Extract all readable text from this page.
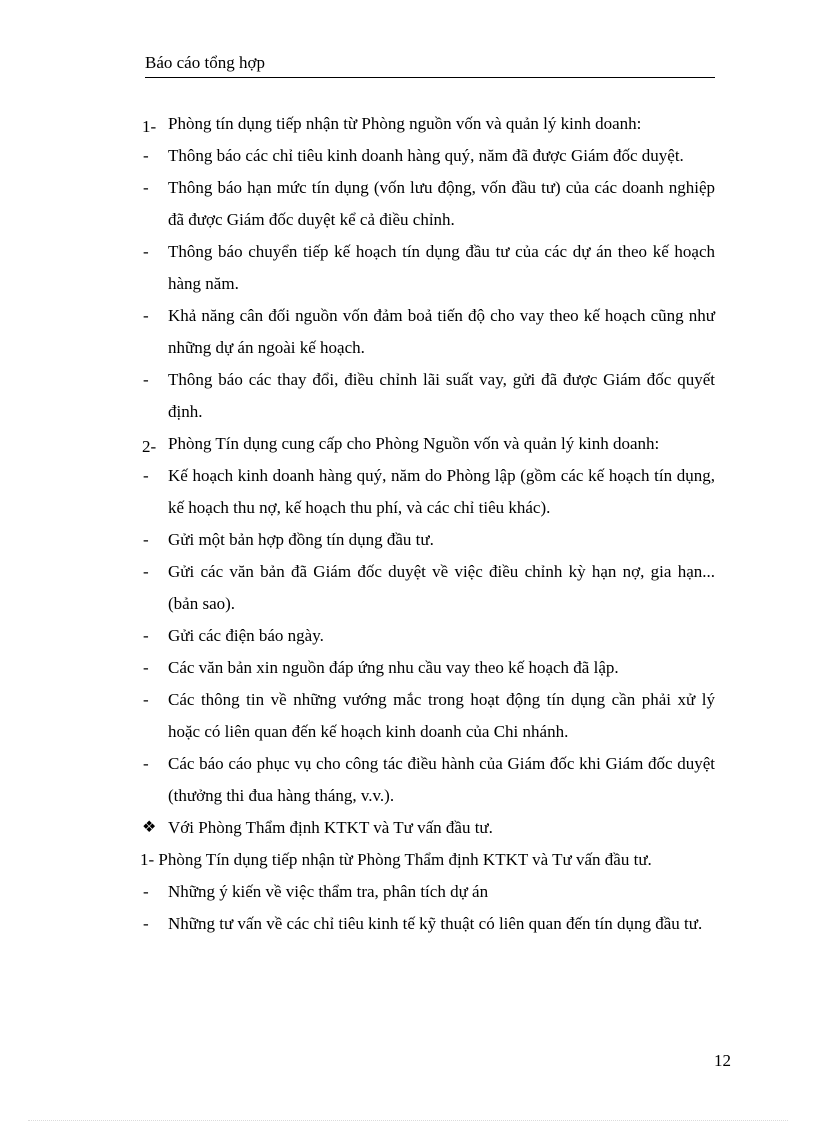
Báo cáo tổng hợp
1- Phòng tín dụng tiếp nhận từ Phòng nguồn vốn và quản lý kinh doanh:
- Thông báo các chỉ tiêu kinh doanh hàng quý, năm đã được Giám đốc duyệt.
- Thông báo hạn mức tín dụng (vốn lưu động, vốn đầu tư) của các doanh nghiệp đã được Giám đốc duyệt kể cả điều chỉnh.
- Thông báo chuyển tiếp kế hoạch tín dụng đầu tư của các dự án theo kế hoạch hàng năm.
- Khả năng cân đối nguồn vốn đảm boả tiến độ cho vay theo kế hoạch cũng như những dự án ngoài kế hoạch.
- Thông báo các thay đổi, điều chỉnh lãi suất vay, gửi đã được Giám đốc quyết định.
2- Phòng Tín dụng cung cấp cho Phòng Nguồn vốn và quản lý kinh doanh:
- Kế hoạch kinh doanh hàng quý, năm do Phòng lập (gồm các kế hoạch tín dụng, kế hoạch thu nợ, kế hoạch thu phí, và các chỉ tiêu khác).
- Gửi một bản hợp đồng tín dụng đầu tư.
- Gửi các văn bản đã Giám đốc duyệt về việc điều chỉnh kỳ hạn nợ, gia hạn... (bản sao).
- Gửi các điện báo ngày.
- Các văn bản xin nguồn đáp ứng nhu cầu vay theo kế hoạch đã lập.
- Các thông tin về những vướng mắc trong hoạt động tín dụng cần phải xử lý hoặc có liên quan đến kế hoạch kinh doanh của Chi nhánh.
- Các báo cáo phục vụ cho công tác điều hành của Giám đốc khi Giám đốc duyệt (thưởng thi đua hàng tháng, v.v.).
❖ Với Phòng Thẩm định KTKT và Tư vấn đầu tư.
1- Phòng Tín dụng tiếp nhận từ Phòng Thẩm định KTKT và Tư vấn đầu tư.
- Những ý kiến về việc thẩm tra, phân tích dự án
- Những tư vấn về các chỉ tiêu kinh tế kỹ thuật có liên quan đến tín dụng đầu tư.
12
